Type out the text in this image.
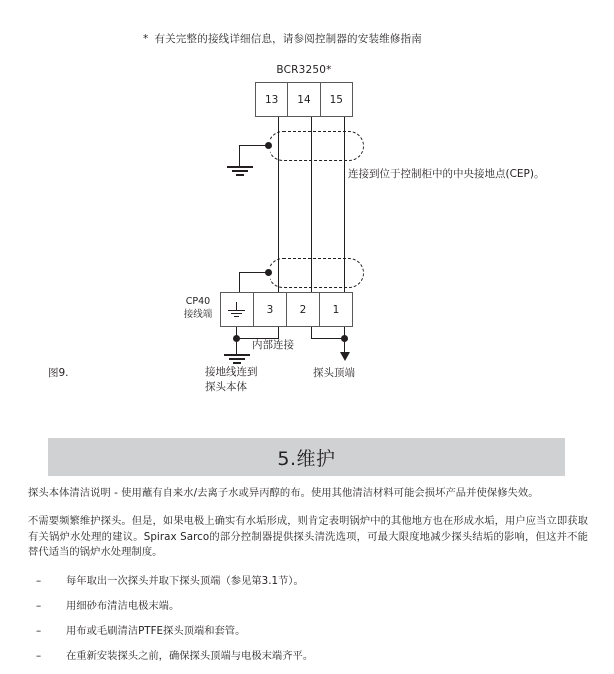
* 有关完整的接线详细信息，请参阅控制器的安装维修指南
BCR3250*
13	14	15
连接到位于控制柜中的中央接地点(CEP)。
CP40
接线端	3	2	1
内部连接
图9.	接地线连到
探头本体
探头顶端
5.维护

探头本体清洁说明 - 使用蘸有自来水/去离子水或异丙醇的布。使用其他清洁材料可能会损坏产品并使保修失效。

不需要频繁维护探头。但是，如果电极上确实有水垢形成，则肯定表明锅炉中的其他地方也在形成水垢，用户应当立即获取有关锅炉水处理的建议。Spirax Sarco的部分控制器提供探头清洗选项，可最大限度地减少探头结垢的影响，但这并不能替代适当的锅炉水处理制度。

– 每年取出一次探头并取下探头顶端（参见第3.1节）。
– 用细砂布清洁电极末端。
– 用布或毛刷清洁PTFE探头顶端和套管。
– 在重新安装探头之前，确保探头顶端与电极末端齐平。
